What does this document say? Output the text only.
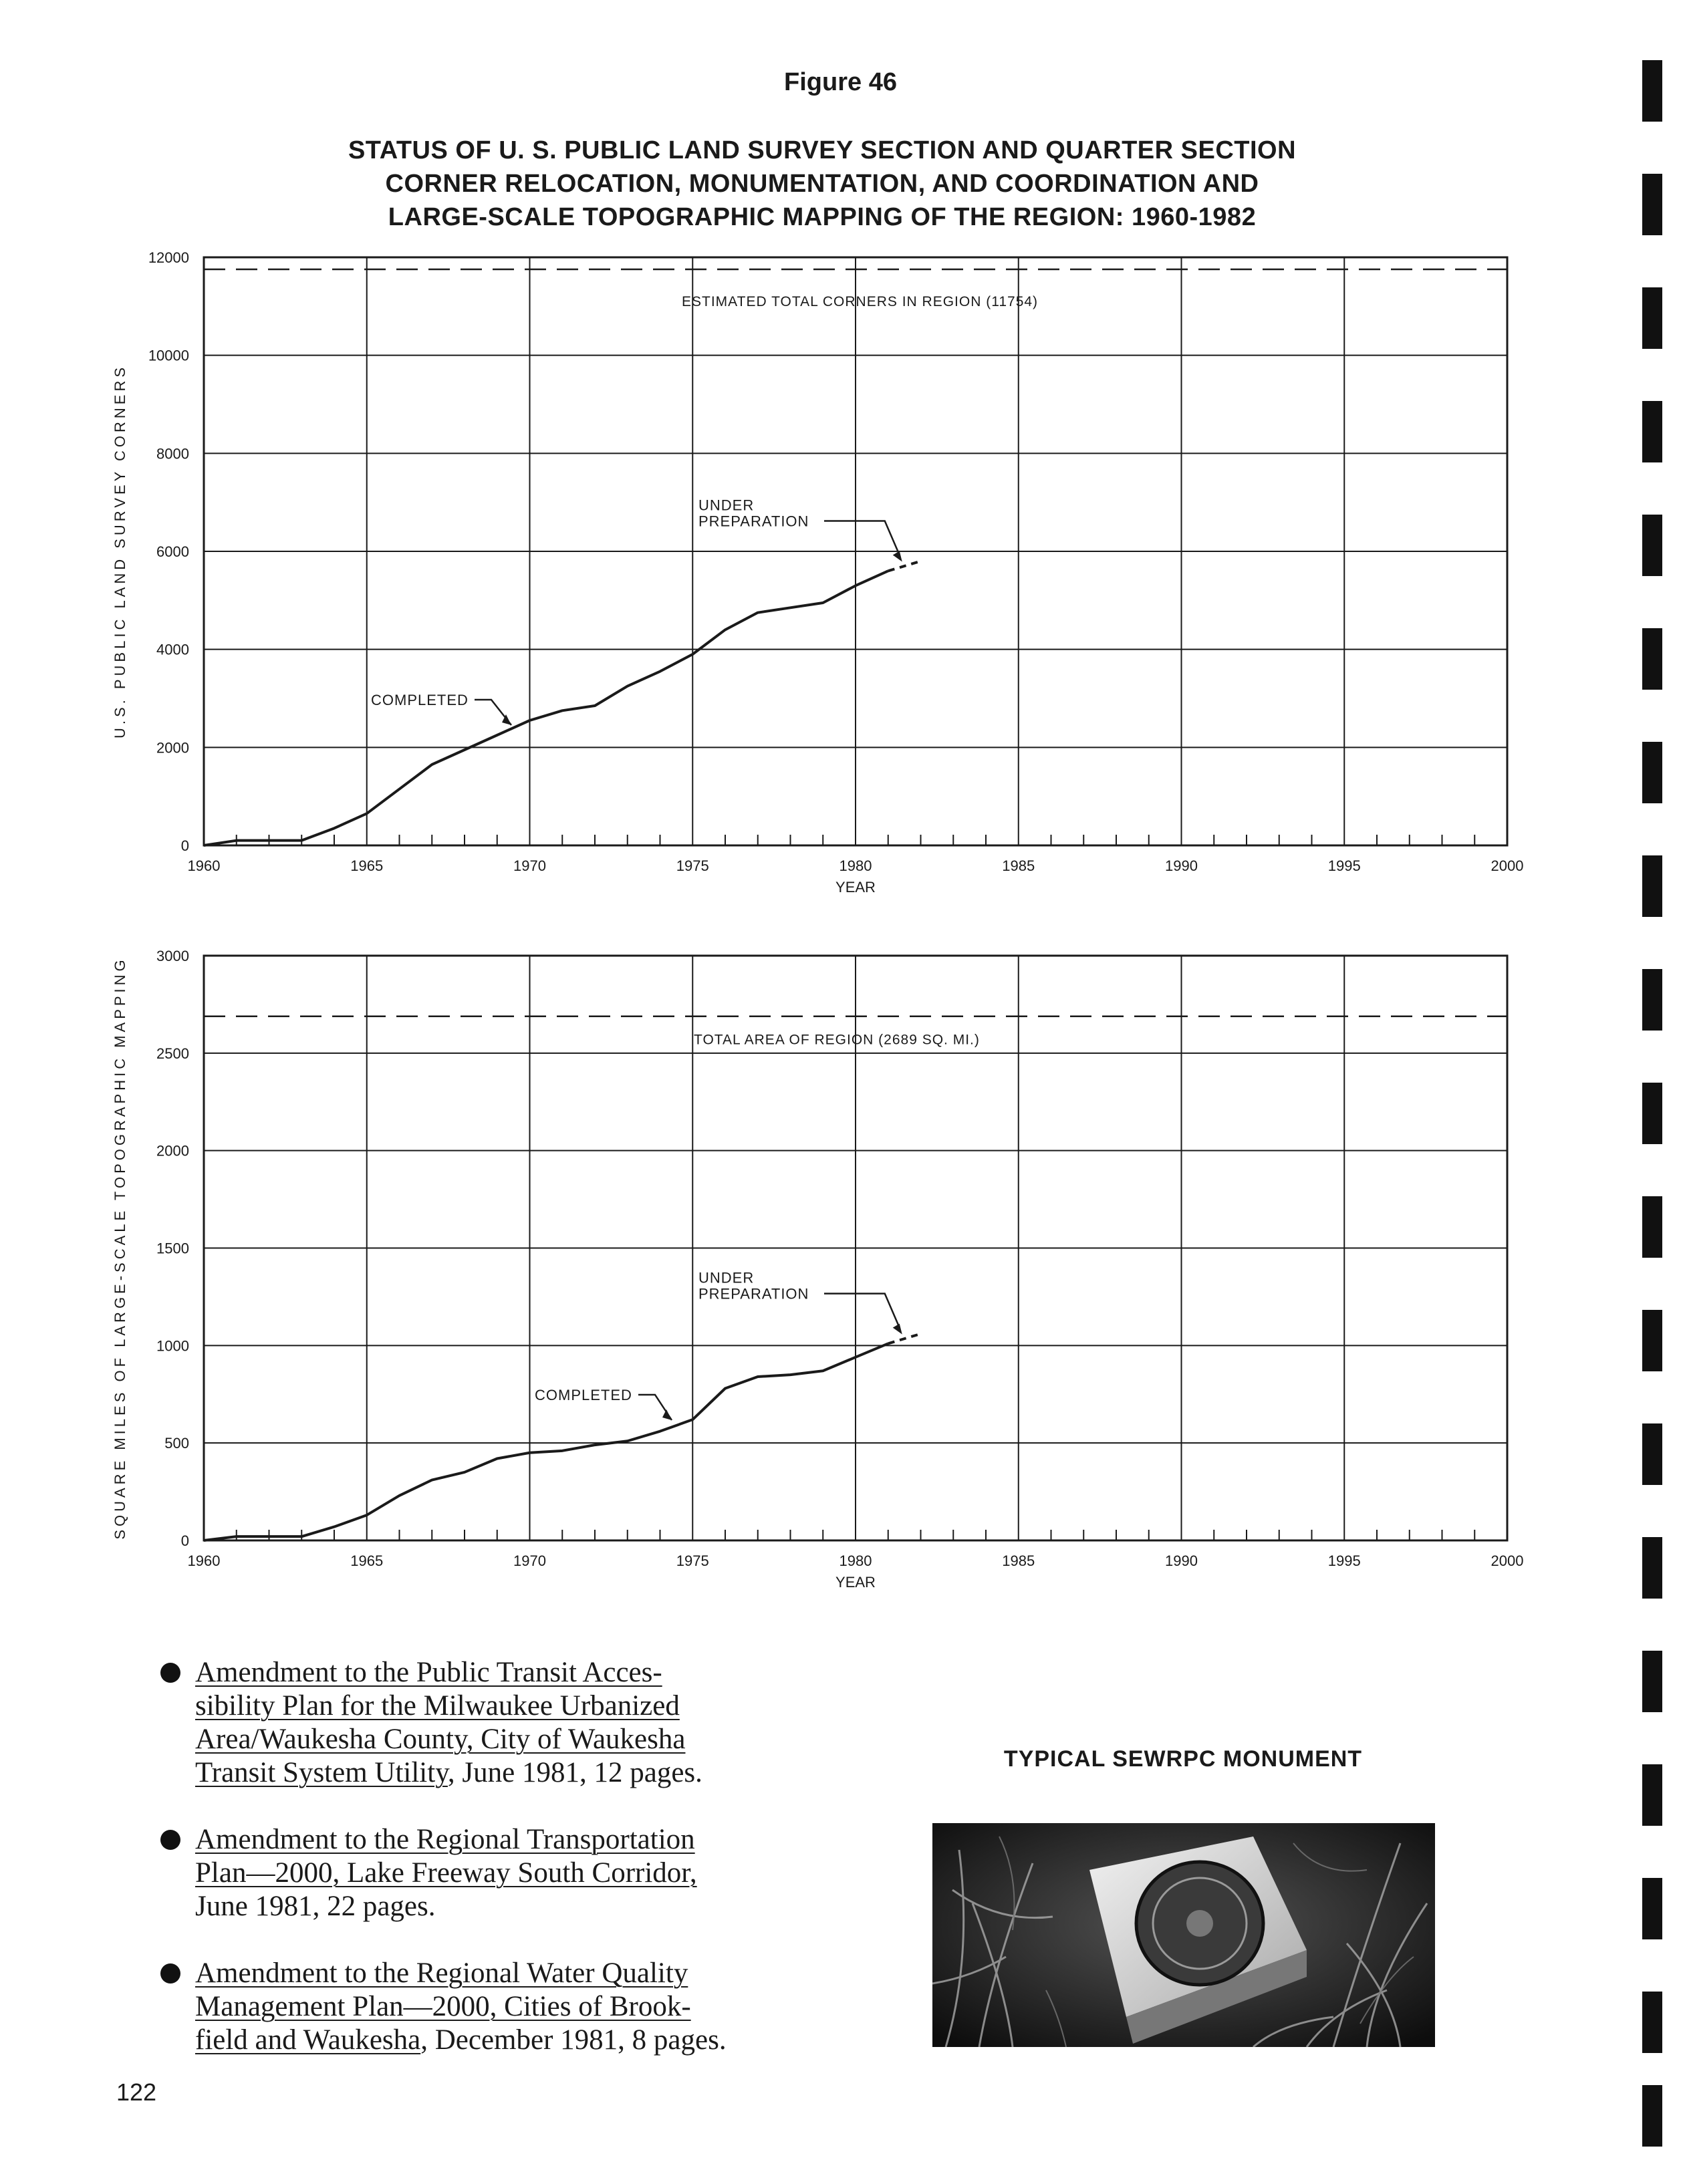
Figure 46
STATUS OF U. S. PUBLIC LAND SURVEY SECTION AND QUARTER SECTION
CORNER RELOCATION, MONUMENTATION, AND COORDINATION AND
LARGE-SCALE TOPOGRAPHIC MAPPING OF THE REGION: 1960-1982
1960	1965	1970	1975	1980	1985	1990	1995	2000
0
2000
4000
6000
8000
10000
12000
YEAR
U.S. PUBLIC LAND SURVEY CORNERS
ESTIMATED TOTAL CORNERS IN REGION (11754)
COMPLETED
UNDER
PREPARATION
1960	1965	1970	1975	1980	1985	1990	1995	2000
0
500
1000
1500
2000
2500
3000
YEAR
SQUARE MILES OF LARGE-SCALE TOPOGRAPHIC MAPPING	TOTAL AREA OF REGION (2689 SQ. MI.)
COMPLETED
UNDER
PREPARATION
Amendment to the Public Transit Acces-
sibility Plan for the Milwaukee Urbanized
Area/Waukesha County, City of Waukesha
Transit System Utility, June 1981, 12 pages.
Amendment to the Regional Transportation
Plan—2000, Lake Freeway South Corridor,
June 1981, 22 pages.
Amendment to the Regional Water Quality
Management Plan—2000, Cities of Brook-
field and Waukesha, December 1981, 8 pages.
TYPICAL SEWRPC MONUMENT
122
